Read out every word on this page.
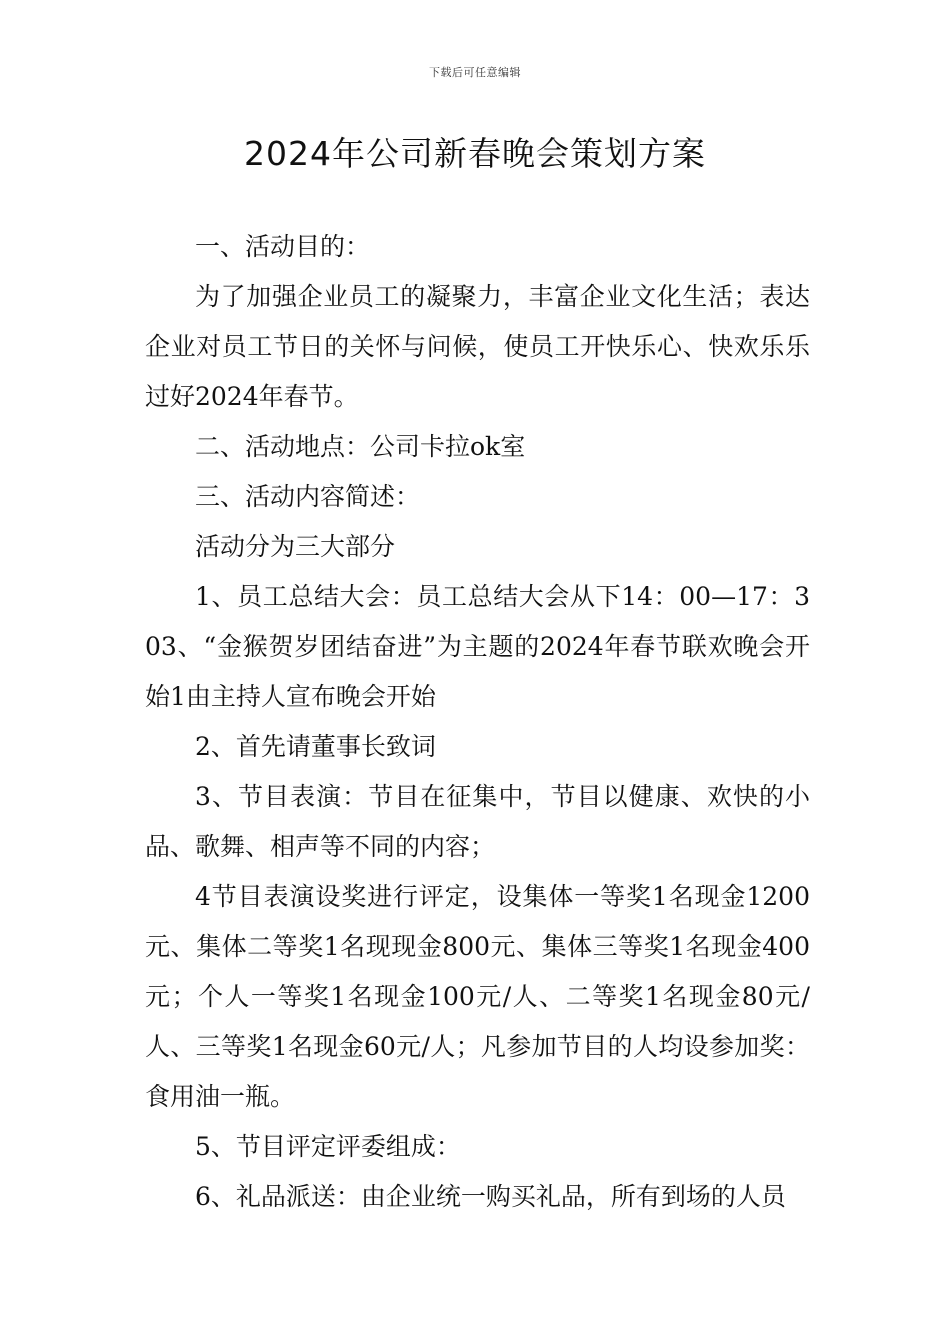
下载后可任意编辑
2024年公司新春晚会策划方案

一、活动目的：

为了加强企业员工的凝聚力，丰富企业文化生活；表达企业对员工节日的关怀与问候，使员工开快乐心、快欢乐乐过好2024年春节。

二、活动地点：公司卡拉ok室

三、活动内容简述：

活动分为三大部分

1、员工总结大会：员工总结大会从下14：00—17：303、“金猴贺岁团结奋进”为主题的2024年春节联欢晚会开始1由主持人宣布晚会开始

2、首先请董事长致词

3、节目表演：节目在征集中，节目以健康、欢快的小品、歌舞、相声等不同的内容；

4节目表演设奖进行评定，设集体一等奖1名现金1200元、集体二等奖1名现现金800元、集体三等奖1名现金400元；个人一等奖1名现金100元/人、二等奖1名现金80元/人、三等奖1名现金60元/人；凡参加节目的人均设参加奖：食用油一瓶。

5、节目评定评委组成：

6、礼品派送：由企业统一购买礼品，所有到场的人员
